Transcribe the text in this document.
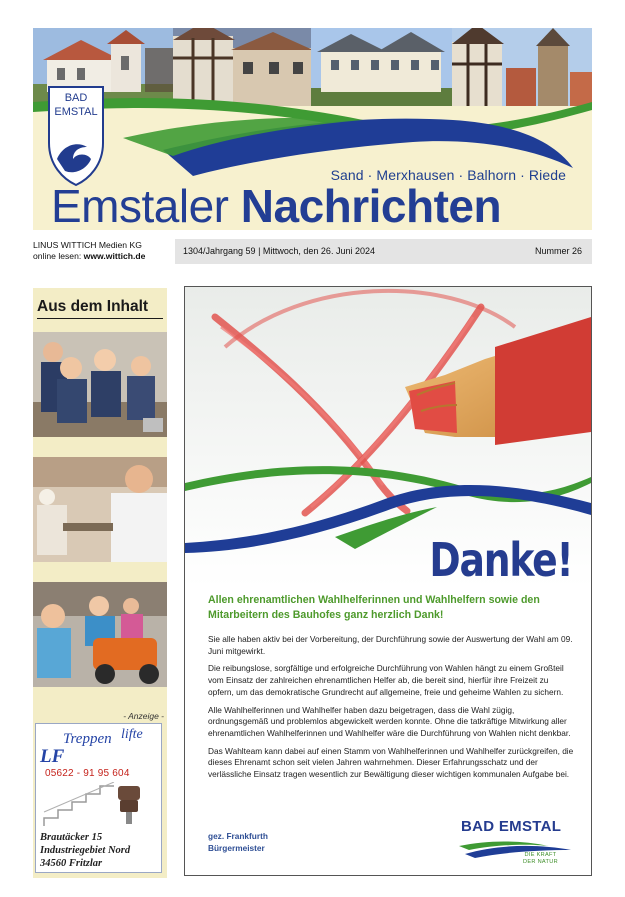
BAD
EMSTAL
Sand · Merxhausen · Balhorn · Riede
Emstaler Nachrichten
LINUS WITTICH Medien KG
online lesen: www.wittich.de	1304/Jahrgang 59 | Mittwoch, den 26. Juni 2024	Nummer 26
Aus dem Inhalt
- Anzeige -
Treppen lifte
LF
05622 - 91 95 604
Brautäcker 15
Industriegebiet Nord
34560 Fritzlar
Danke!
Allen ehrenamtlichen Wahlhelferinnen und Wahlhelfern sowie den Mitarbeitern des Bauhofes ganz herzlich Dank!

Sie alle haben aktiv bei der Vorbereitung, der Durchführung sowie der Auswertung der Wahl am 09. Juni mitgewirkt.

Die reibungslose, sorgfältige und erfolgreiche Durchführung von Wahlen hängt zu einem Großteil vom Einsatz der zahlreichen ehrenamtlichen Helfer ab, die bereit sind, hierfür ihre Freizeit zu opfern, um das demokratische Grundrecht auf allgemeine, freie und geheime Wahlen zu sichern.

Alle Wahlhelferinnen und Wahlhelfer haben dazu beigetragen, dass die Wahl zügig, ordnungsgemäß und problemlos abgewickelt werden konnte. Ohne die tatkräftige Mitwirkung aller ehrenamtlichen Wahlhelferinnen und Wahlhelfer wäre die Durchführung von Wahlen nicht denkbar.

Das Wahlteam kann dabei auf einen Stamm von Wahlhelferinnen und Wahlhelfer zurückgreifen, die dieses Ehrenamt schon seit vielen Jahren wahrnehmen. Dieser Erfahrungsschatz und der verlässliche Einsatz tragen wesentlich zur Bewältigung dieser wichtigen kommunalen Aufgabe bei.

gez. Frankfurth
Bürgermeister
BAD EMSTAL
DIE KRAFT
DER NATUR
